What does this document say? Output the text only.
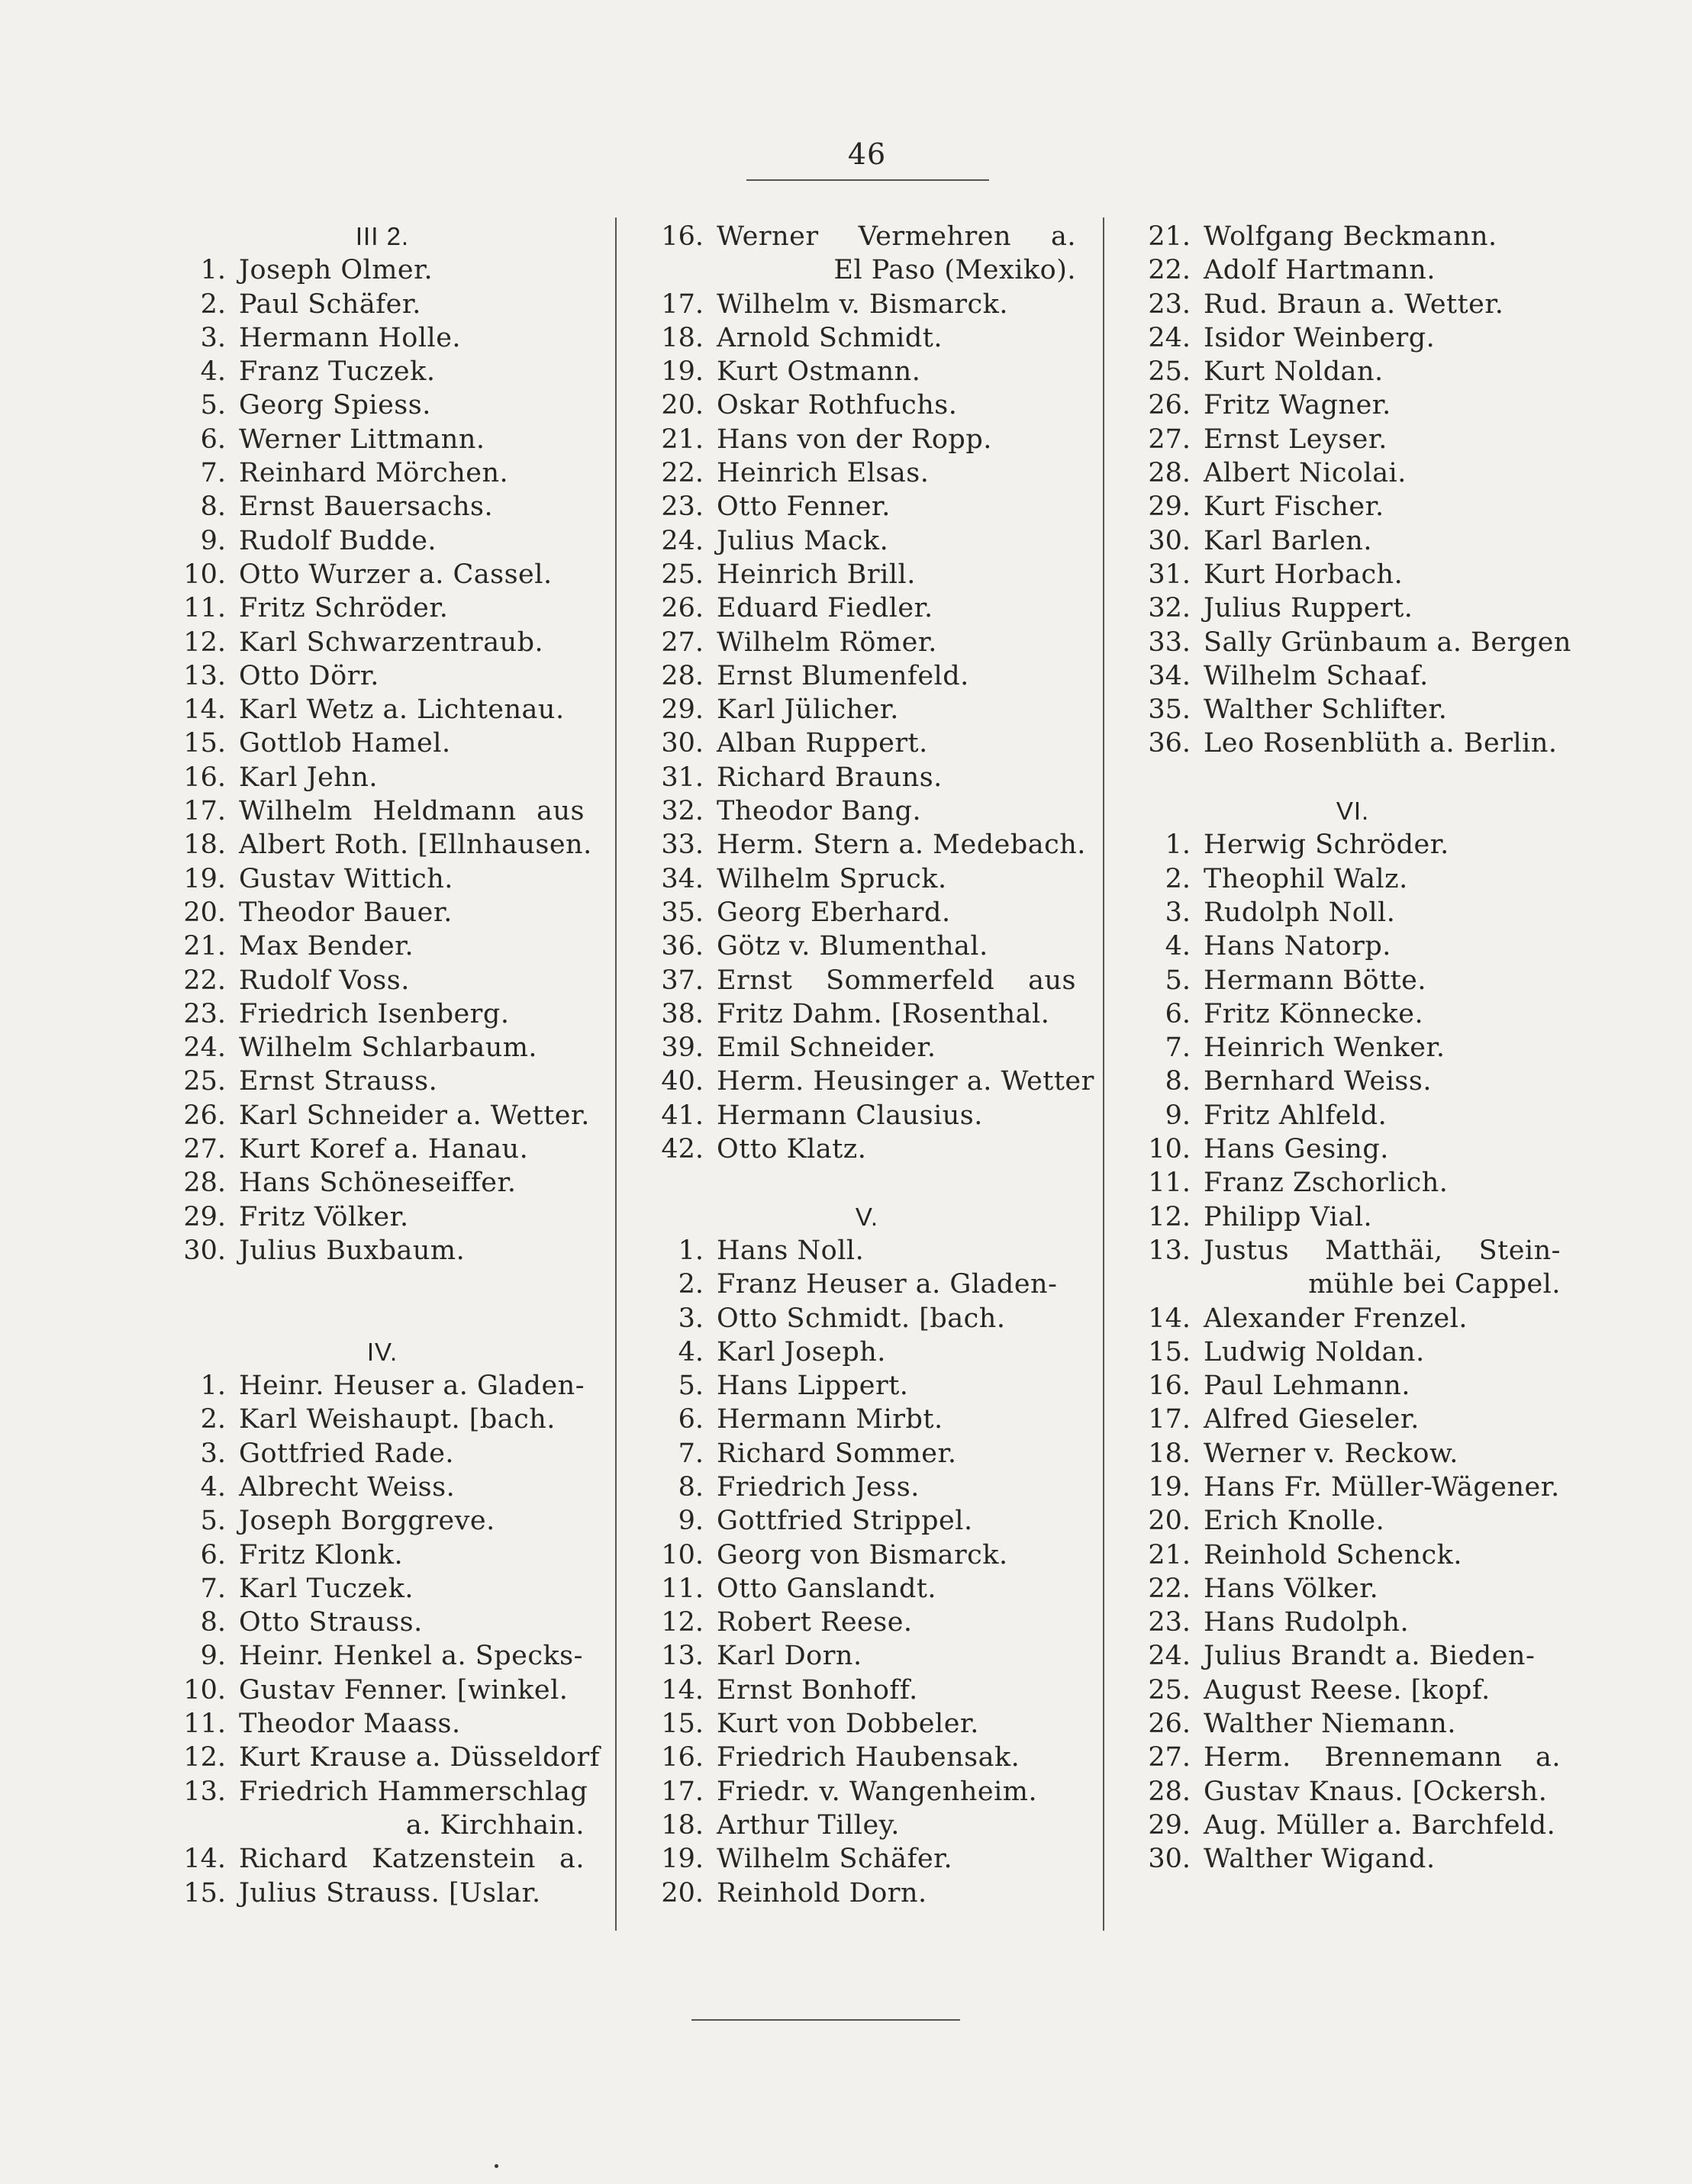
46
III 2.
1. Joseph Olmer.
2. Paul Schäfer.
3. Hermann Holle.
4. Franz Tuczek.
5. Georg Spiess.
6. Werner Littmann.
7. Reinhard Mörchen.
8. Ernst Bauersachs.
9. Rudolf Budde.
10. Otto Wurzer a. Cassel.
11. Fritz Schröder.
12. Karl Schwarzentraub.
13. Otto Dörr.
14. Karl Wetz a. Lichtenau.
15. Gottlob Hamel.
16. Karl Jehn.
17. Wilhelm Heldmann aus
18. Albert Roth. [Ellnhausen.
19. Gustav Wittich.
20. Theodor Bauer.
21. Max Bender.
22. Rudolf Voss.
23. Friedrich Isenberg.
24. Wilhelm Schlarbaum.
25. Ernst Strauss.
26. Karl Schneider a. Wetter.
27. Kurt Koref a. Hanau.
28. Hans Schöneseiffer.
29. Fritz Völker.
30. Julius Buxbaum.
IV.
1. Heinr. Heuser a. Gladen-
2. Karl Weishaupt. [bach.
3. Gottfried Rade.
4. Albrecht Weiss.
5. Joseph Borggreve.
6. Fritz Klonk.
7. Karl Tuczek.
8. Otto Strauss.
9. Heinr. Henkel a. Specks-
10. Gustav Fenner. [winkel.
11. Theodor Maass.
12. Kurt Krause a. Düsseldorf
13. Friedrich Hammerschlag
a. Kirchhain.
14. Richard Katzenstein a.
15. Julius Strauss. [Uslar.
16. Werner Vermehren a.
El Paso (Mexiko).
17. Wilhelm v. Bismarck.
18. Arnold Schmidt.
19. Kurt Ostmann.
20. Oskar Rothfuchs.
21. Hans von der Ropp.
22. Heinrich Elsas.
23. Otto Fenner.
24. Julius Mack.
25. Heinrich Brill.
26. Eduard Fiedler.
27. Wilhelm Römer.
28. Ernst Blumenfeld.
29. Karl Jülicher.
30. Alban Ruppert.
31. Richard Brauns.
32. Theodor Bang.
33. Herm. Stern a. Medebach.
34. Wilhelm Spruck.
35. Georg Eberhard.
36. Götz v. Blumenthal.
37. Ernst Sommerfeld aus
38. Fritz Dahm. [Rosenthal.
39. Emil Schneider.
40. Herm. Heusinger a. Wetter
41. Hermann Clausius.
42. Otto Klatz.
V.
1. Hans Noll.
2. Franz Heuser a. Gladen-
3. Otto Schmidt. [bach.
4. Karl Joseph.
5. Hans Lippert.
6. Hermann Mirbt.
7. Richard Sommer.
8. Friedrich Jess.
9. Gottfried Strippel.
10. Georg von Bismarck.
11. Otto Ganslandt.
12. Robert Reese.
13. Karl Dorn.
14. Ernst Bonhoff.
15. Kurt von Dobbeler.
16. Friedrich Haubensak.
17. Friedr. v. Wangenheim.
18. Arthur Tilley.
19. Wilhelm Schäfer.
20. Reinhold Dorn.
21. Wolfgang Beckmann.
22. Adolf Hartmann.
23. Rud. Braun a. Wetter.
24. Isidor Weinberg.
25. Kurt Noldan.
26. Fritz Wagner.
27. Ernst Leyser.
28. Albert Nicolai.
29. Kurt Fischer.
30. Karl Barlen.
31. Kurt Horbach.
32. Julius Ruppert.
33. Sally Grünbaum a. Bergen
34. Wilhelm Schaaf.
35. Walther Schlifter.
36. Leo Rosenblüth a. Berlin.
VI.
1. Herwig Schröder.
2. Theophil Walz.
3. Rudolph Noll.
4. Hans Natorp.
5. Hermann Bötte.
6. Fritz Könnecke.
7. Heinrich Wenker.
8. Bernhard Weiss.
9. Fritz Ahlfeld.
10. Hans Gesing.
11. Franz Zschorlich.
12. Philipp Vial.
13. Justus Matthäi, Stein-
mühle bei Cappel.
14. Alexander Frenzel.
15. Ludwig Noldan.
16. Paul Lehmann.
17. Alfred Gieseler.
18. Werner v. Reckow.
19. Hans Fr. Müller-Wägener.
20. Erich Knolle.
21. Reinhold Schenck.
22. Hans Völker.
23. Hans Rudolph.
24. Julius Brandt a. Bieden-
25. August Reese. [kopf.
26. Walther Niemann.
27. Herm. Brennemann a.
28. Gustav Knaus. [Ockersh.
29. Aug. Müller a. Barchfeld.
30. Walther Wigand.
